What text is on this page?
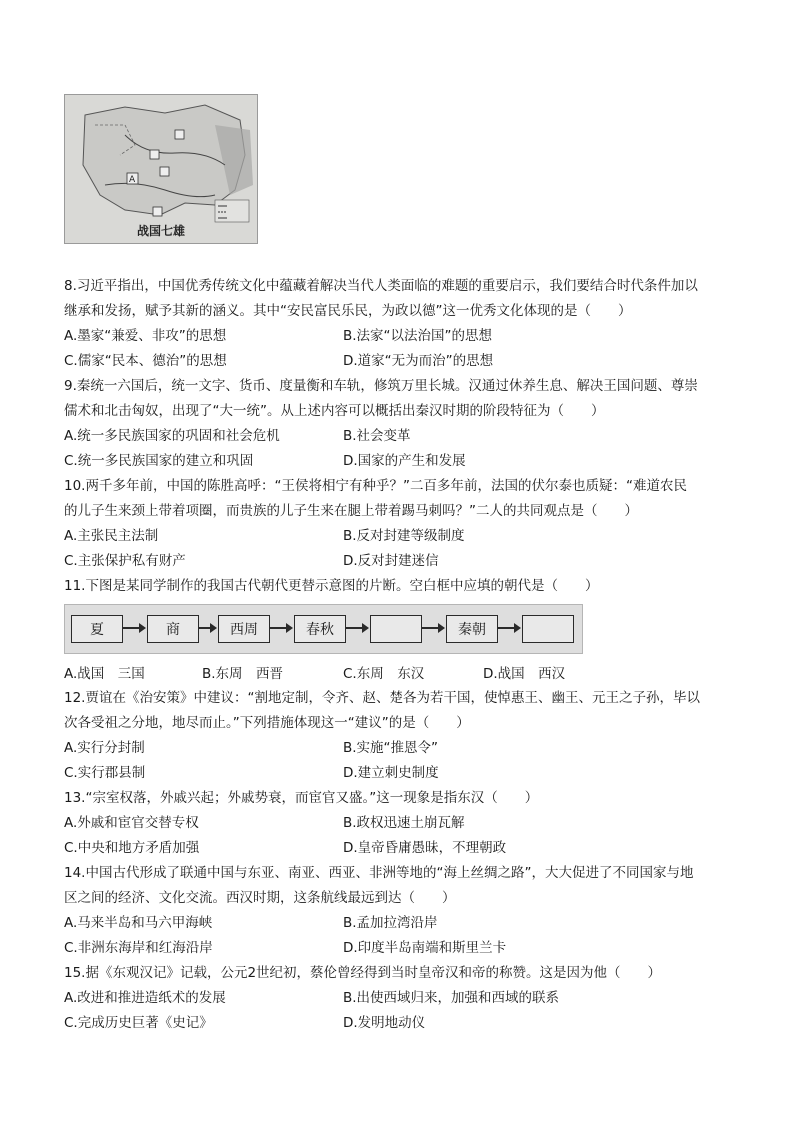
A
战国七雄
8.习近平指出，中国优秀传统文化中蕴藏着解决当代人类面临的难题的重要启示，我们要结合时代条件加以
继承和发扬，赋予其新的涵义。其中“安民富民乐民，为政以德”这一优秀文化体现的是（　　）
A.墨家“兼爱、非攻”的思想	B.法家“以法治国”的思想
C.儒家“民本、德治”的思想	D.道家“无为而治”的思想
9.秦统一六国后，统一文字、货币、度量衡和车轨，修筑万里长城。汉通过休养生息、解决王国问题、尊崇
儒术和北击匈奴，出现了“大一统”。从上述内容可以概括出秦汉时期的阶段特征为（　　）
A.统一多民族国家的巩固和社会危机	B.社会变革
C.统一多民族国家的建立和巩固	D.国家的产生和发展
10.两千多年前，中国的陈胜高呼：“王侯将相宁有种乎？”二百多年前，法国的伏尔泰也质疑：“难道农民
的儿子生来颈上带着项圈，而贵族的儿子生来在腿上带着踢马刺吗？”二人的共同观点是（　　）
A.主张民主法制	B.反对封建等级制度
C.主张保护私有财产	D.反对封建迷信
11.下图是某同学制作的我国古代朝代更替示意图的片断。空白框中应填的朝代是（　　）
夏	商	西周	春秋	秦朝
A.战国　三国	B.东周　西晋	C.东周　东汉	D.战国　西汉
12.贾谊在《治安策》中建议：“割地定制，令齐、赵、楚各为若干国，使悼惠王、幽王、元王之子孙，毕以
次各受祖之分地，地尽而止。”下列措施体现这一“建议”的是（　　）
A.实行分封制	B.实施“推恩令”
C.实行郡县制	D.建立刺史制度
13.“宗室权落，外戚兴起；外戚势衰，而宦官又盛。”这一现象是指东汉（　　）
A.外戚和宦官交替专权	B.政权迅速土崩瓦解
C.中央和地方矛盾加强	D.皇帝昏庸愚昧，不理朝政
14.中国古代形成了联通中国与东亚、南亚、西亚、非洲等地的“海上丝绸之路”，大大促进了不同国家与地
区之间的经济、文化交流。西汉时期，这条航线最远到达（　　）
A.马来半岛和马六甲海峡	B.孟加拉湾沿岸
C.非洲东海岸和红海沿岸	D.印度半岛南端和斯里兰卡
15.据《东观汉记》记载，公元2世纪初，蔡伦曾经得到当时皇帝汉和帝的称赞。这是因为他（　　）
A.改进和推进造纸术的发展	B.出使西域归来，加强和西域的联系
C.完成历史巨著《史记》	D.发明地动仪
